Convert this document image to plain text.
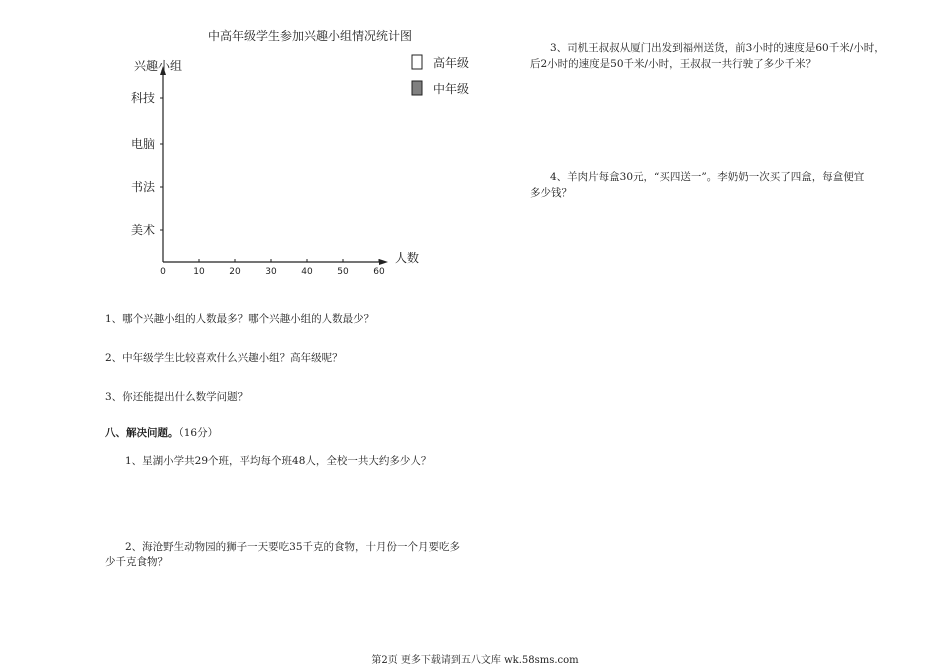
中高年级学生参加兴趣小组情况统计图
兴趣小组
人数
科技
电脑
书法
美术
0	10	20	30	40	50	60
高年级
中年级
1、哪个兴趣小组的人数最多？哪个兴趣小组的人数最少？
2、中年级学生比较喜欢什么兴趣小组？高年级呢？
3、你还能提出什么数学问题？
八、解决问题。（16分）
1、星湖小学共29个班，平均每个班48人，全校一共大约多少人？
2、海沧野生动物园的狮子一天要吃35千克的食物，十月份一个月要吃多
少千克食物？
3、司机王叔叔从厦门出发到福州送货，前3小时的速度是60千米/小时，
后2小时的速度是50千米/小时，王叔叔一共行驶了多少千米？
4、羊肉片每盒30元，“买四送一”。李奶奶一次买了四盒，每盒便宜
多少钱？
第2页 更多下载请到五八文库 wk.58sms.com
